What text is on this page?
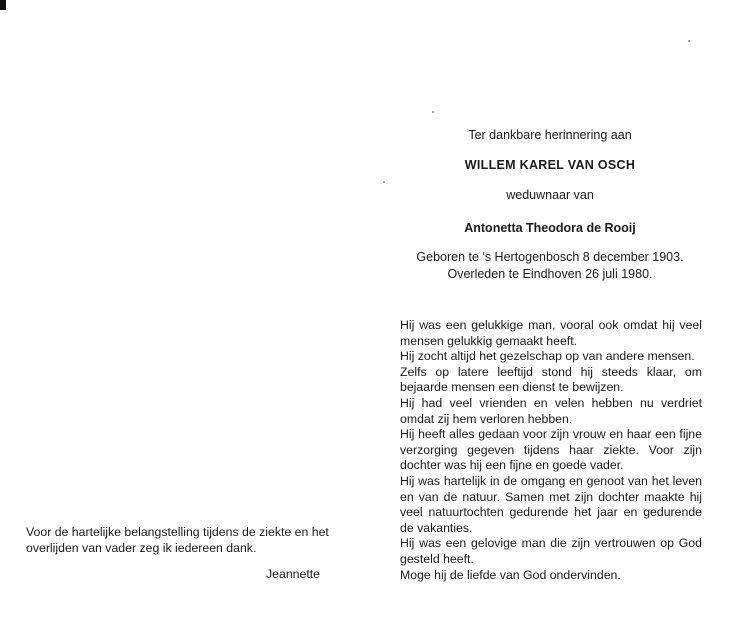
Ter dankbare herinnering aan
WILLEM KAREL VAN OSCH
weduwnaar van
Antonetta Theodora de Rooij
Geboren te 's Hertogenbosch 8 december 1903.
Overleden te Eindhoven 26 juli 1980.

Hij was een gelukkige man, vooral ook omdat hij veel mensen gelukkig gemaakt heeft.

Hij zocht altijd het gezelschap op van andere mensen.

Zelfs op latere leeftijd stond hij steeds klaar, om bejaarde mensen een dienst te bewijzen.

Hij had veel vrienden en velen hebben nu verdriet omdat zij hem verloren hebben.

Hij heeft alles gedaan voor zijn vrouw en haar een fijne verzorging gegeven tijdens haar ziekte. Voor zijn dochter was hij een fijne en goede vader.

Hij was hartelijk in de omgang en genoot van het leven en van de natuur. Samen met zijn dochter maakte hij veel natuurtochten gedurende het jaar en gedurende de vakanties.

Hij was een gelovige man die zijn vertrouwen op God gesteld heeft.

Moge hij de liefde van God ondervinden.

Voor de hartelijke belangstelling tijdens de ziekte en het overlijden van vader zeg ik iedereen dank.

Jeannette
